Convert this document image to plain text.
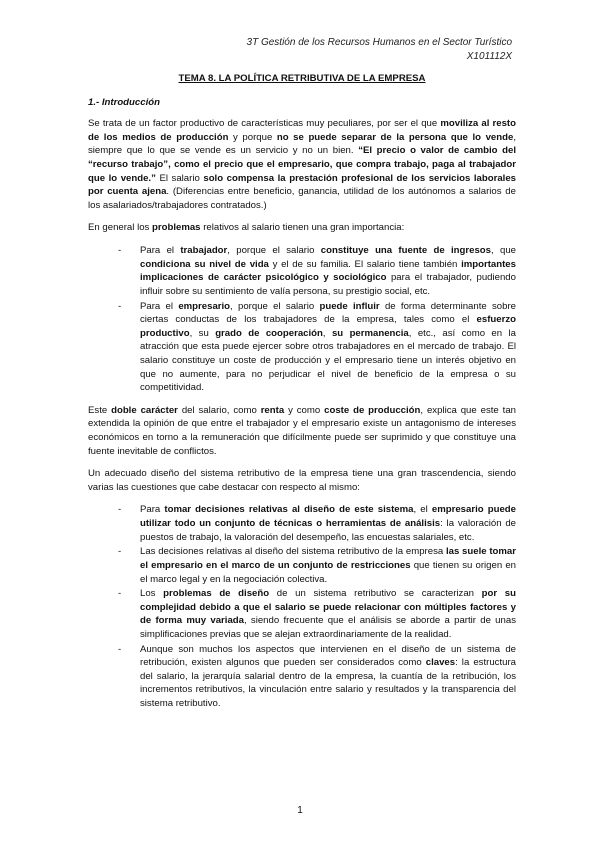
3T Gestión de los Recursos Humanos en el Sector Turístico
X101112X
TEMA 8. LA POLÍTICA RETRIBUTIVA DE LA EMPRESA
1.- Introducción

Se trata de un factor productivo de características muy peculiares, por ser el que moviliza al resto de los medios de producción y porque no se puede separar de la persona que lo vende, siempre que lo que se vende es un servicio y no un bien. “El precio o valor de cambio del “recurso trabajo”, como el precio que el empresario, que compra trabajo, paga al trabajador que lo vende.” El salario solo compensa la prestación profesional de los servicios laborales por cuenta ajena. (Diferencias entre beneficio, ganancia, utilidad de los autónomos a salarios de los asalariados/trabajadores contratados.)

En general los problemas relativos al salario tienen una gran importancia:

- Para el trabajador, porque el salario constituye una fuente de ingresos, que condiciona su nivel de vida y el de su familia. El salario tiene también importantes implicaciones de carácter psicológico y sociológico para el trabajador, pudiendo influir sobre su sentimiento de valía persona, su prestigio social, etc.
- Para el empresario, porque el salario puede influir de forma determinante sobre ciertas conductas de los trabajadores de la empresa, tales como el esfuerzo productivo, su grado de cooperación, su permanencia, etc., así como en la atracción que esta puede ejercer sobre otros trabajadores en el mercado de trabajo. El salario constituye un coste de producción y el empresario tiene un interés objetivo en que no aumente, para no perjudicar el nivel de beneficio de la empresa o su competitividad.

Este doble carácter del salario, como renta y como coste de producción, explica que este tan extendida la opinión de que entre el trabajador y el empresario existe un antagonismo de intereses económicos en torno a la remuneración que difícilmente puede ser suprimido y que constituye una fuente inevitable de conflictos.

Un adecuado diseño del sistema retributivo de la empresa tiene una gran trascendencia, siendo varias las cuestiones que cabe destacar con respecto al mismo:

- Para tomar decisiones relativas al diseño de este sistema, el empresario puede utilizar todo un conjunto de técnicas o herramientas de análisis: la valoración de puestos de trabajo, la valoración del desempeño, las encuestas salariales, etc.
- Las decisiones relativas al diseño del sistema retributivo de la empresa las suele tomar el empresario en el marco de un conjunto de restricciones que tienen su origen en el marco legal y en la negociación colectiva.
- Los problemas de diseño de un sistema retributivo se caracterizan por su complejidad debido a que el salario se puede relacionar con múltiples factores y de forma muy variada, siendo frecuente que el análisis se aborde a partir de unas simplificaciones previas que se alejan extraordinariamente de la realidad.
- Aunque son muchos los aspectos que intervienen en el diseño de un sistema de retribución, existen algunos que pueden ser considerados como claves: la estructura del salario, la jerarquía salarial dentro de la empresa, la cuantía de la retribución, los incrementos retributivos, la vinculación entre salario y resultados y la transparencia del sistema retributivo.
1
